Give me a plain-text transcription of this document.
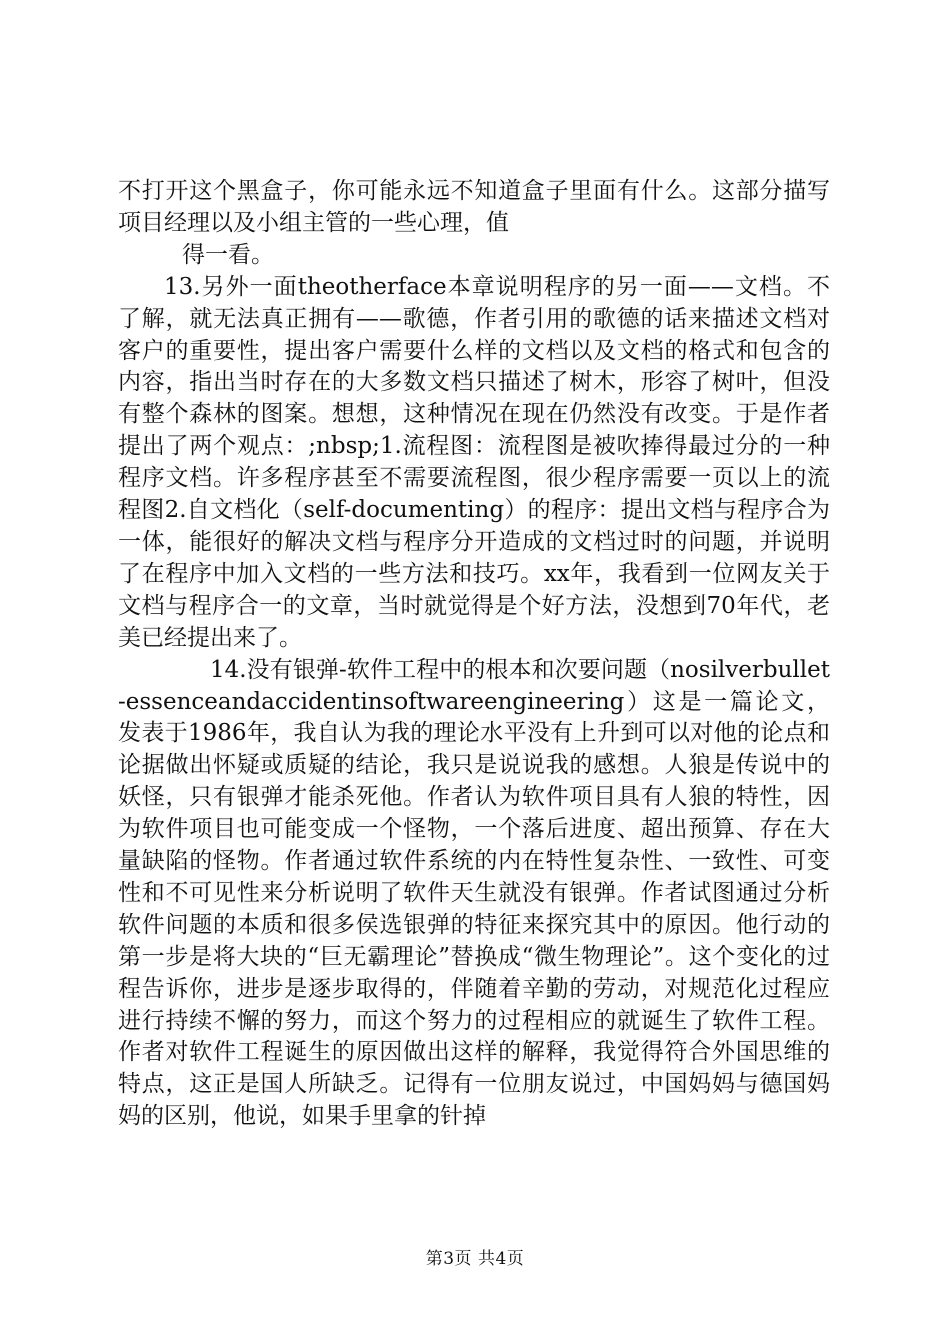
不打开这个黑盒子，你可能永远不知道盒子里面有什么。这部分描写项目经理以及小组主管的一些心理，值

得一看。

13.另外一面theotherface本章说明程序的另一面——文档。不了解，就无法真正拥有——歌德，作者引用的歌德的话来描述文档对客户的重要性，提出客户需要什么样的文档以及文档的格式和包含的内容，指出当时存在的大多数文档只描述了树木，形容了树叶，但没有整个森林的图案。想想，这种情况在现在仍然没有改变。于是作者提出了两个观点：;nbsp;1.流程图：流程图是被吹捧得最过分的一种程序文档。许多程序甚至不需要流程图，很少程序需要一页以上的流程图2.自文档化（self-documenting）的程序：提出文档与程序合为一体，能很好的解决文档与程序分开造成的文档过时的问题，并说明了在程序中加入文档的一些方法和技巧。xx年，我看到一位网友关于文档与程序合一的文章，当时就觉得是个好方法，没想到70年代，老美已经提出来了。

14.没有银弹-软件工程中的根本和次要问题（nosilverbullet-essenceandaccidentinsoftwareengineering）这是一篇论文，发表于1986年，我自认为我的理论水平没有上升到可以对他的论点和论据做出怀疑或质疑的结论，我只是说说我的感想。人狼是传说中的妖怪，只有银弹才能杀死他。作者认为软件项目具有人狼的特性，因为软件项目也可能变成一个怪物，一个落后进度、超出预算、存在大量缺陷的怪物。作者通过软件系统的内在特性复杂性、一致性、可变性和不可见性来分析说明了软件天生就没有银弹。作者试图通过分析软件问题的本质和很多侯选银弹的特征来探究其中的原因。他行动的第一步是将大块的“巨无霸理论”替换成“微生物理论”。这个变化的过程告诉你，进步是逐步取得的，伴随着辛勤的劳动，对规范化过程应进行持续不懈的努力，而这个努力的过程相应的就诞生了软件工程。作者对软件工程诞生的原因做出这样的解释，我觉得符合外国思维的特点，这正是国人所缺乏。记得有一位朋友说过，中国妈妈与德国妈妈的区别，他说，如果手里拿的针掉

第3页 共4页
